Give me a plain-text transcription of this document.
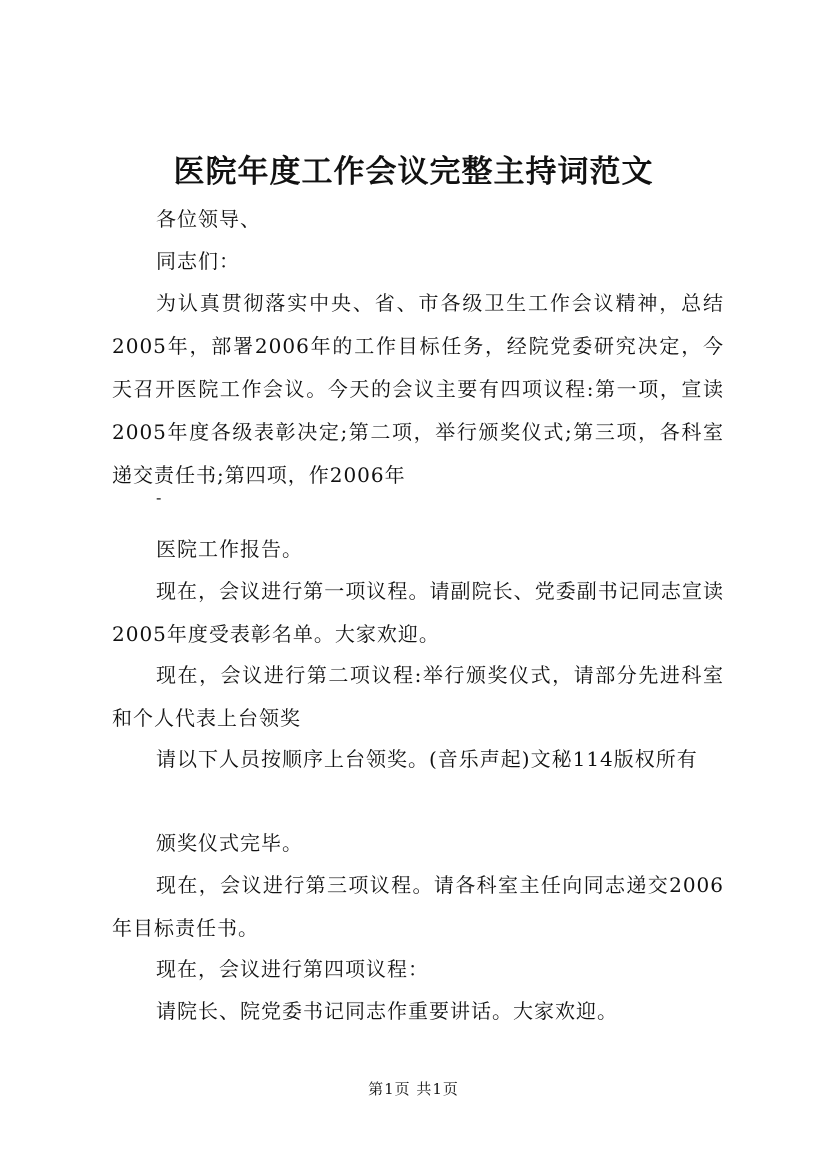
医院年度工作会议完整主持词范文
各位领导、
同志们：
为认真贯彻落实中央、省、市各级卫生工作会议精神，总结2005年，部署2006年的工作目标任务，经院党委研究决定，今天召开医院工作会议。今天的会议主要有四项议程:第一项，宣读2005年度各级表彰决定;第二项，举行颁奖仪式;第三项，各科室递交责任书;第四项，作2006年
-
医院工作报告。
现在，会议进行第一项议程。请副院长、党委副书记同志宣读2005年度受表彰名单。大家欢迎。
现在，会议进行第二项议程:举行颁奖仪式，请部分先进科室和个人代表上台领奖
请以下人员按顺序上台领奖。(音乐声起)文秘114版权所有
颁奖仪式完毕。
现在，会议进行第三项议程。请各科室主任向同志递交2006年目标责任书。
现在，会议进行第四项议程：
请院长、院党委书记同志作重要讲话。大家欢迎。
第1页 共1页
